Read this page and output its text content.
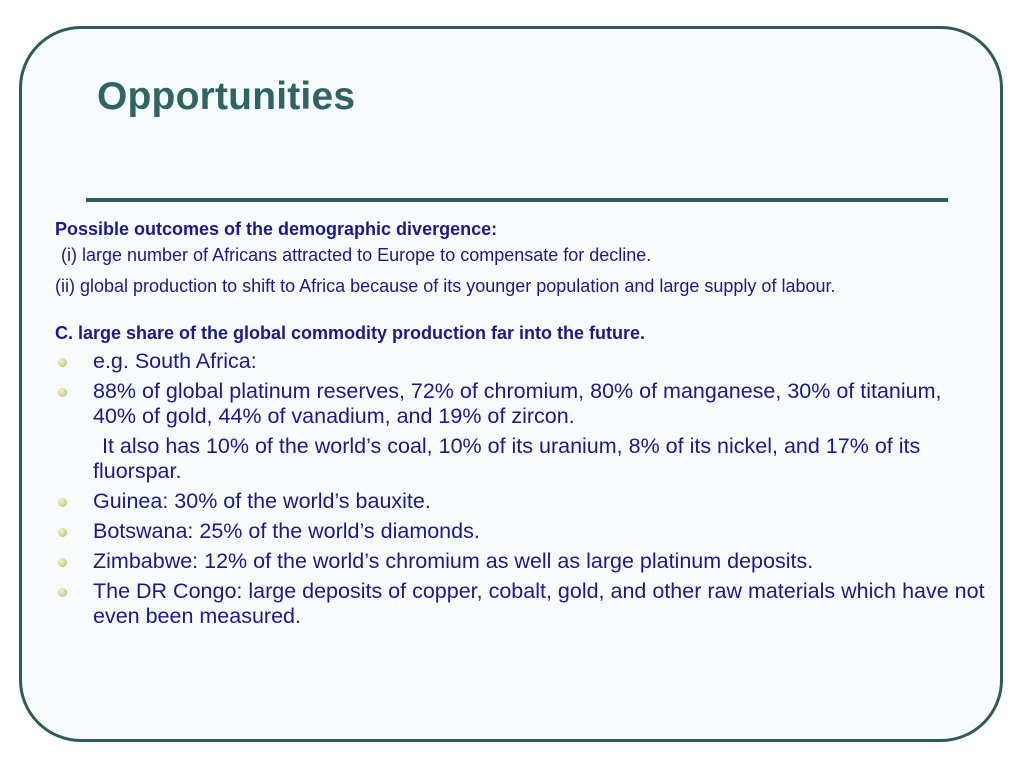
Opportunities

Possible outcomes of the demographic divergence:

(i) large number of Africans attracted to Europe to compensate for decline.

(ii) global production to shift to Africa because of its younger population and large supply of labour.

C. large share of the global commodity production far into the future.

e.g. South Africa:
88% of global platinum reserves, 72% of chromium, 80% of manganese, 30% of titanium, 40% of gold, 44% of vanadium, and 19% of zircon.

It also has 10% of the world’s coal, 10% of its uranium, 8% of its nickel, and 17% of its fluorspar.

Guinea: 30% of the world’s bauxite.
Botswana: 25% of the world’s diamonds.
Zimbabwe: 12% of the world’s chromium as well as large platinum deposits.
The DR Congo: large deposits of copper, cobalt, gold, and other raw materials which have not even been measured.
